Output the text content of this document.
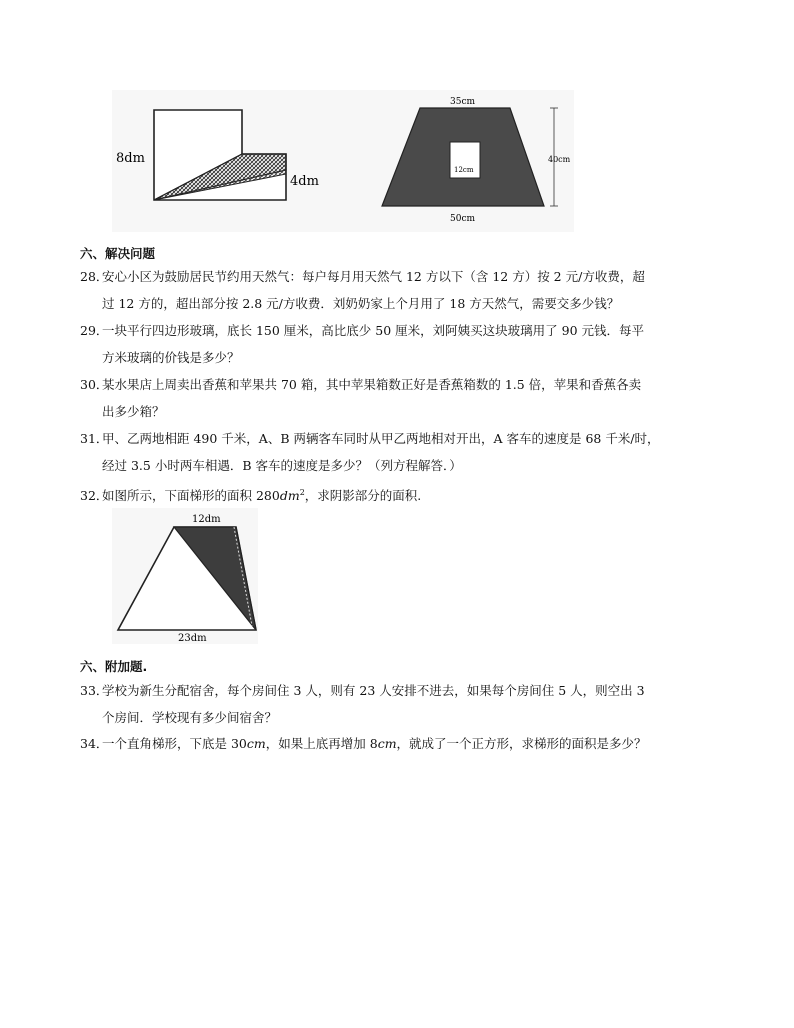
8dm
4dm
12cm
35cm
40cm
50cm
六、解决问题
28．安心小区为鼓励居民节约用天然气：每户每月用天然气 12 方以下（含 12 方）按 2 元/方收费，超
过 12 方的，超出部分按 2.8 元/方收费．刘奶奶家上个月用了 18 方天然气，需要交多少钱？
29．一块平行四边形玻璃，底长 150 厘米，高比底少 50 厘米，刘阿姨买这块玻璃用了 90 元钱．每平
方米玻璃的价钱是多少？
30．某水果店上周卖出香蕉和苹果共 70 箱，其中苹果箱数正好是香蕉箱数的 1.5 倍，苹果和香蕉各卖
出多少箱？
31．甲、乙两地相距 490 千米，A、B 两辆客车同时从甲乙两地相对开出，A 客车的速度是 68 千米/时，
经过 3.5 小时两车相遇．B 客车的速度是多少？（列方程解答．）
32．如图所示，下面梯形的面积 $280dm^2$，求阴影部分的面积.
12dm
23dm
六、附加题.
33．学校为新生分配宿舍，每个房间住 3 人，则有 23 人安排不进去，如果每个房间住 5 人，则空出 3
个房间．学校现有多少间宿舍？
34．一个直角梯形，下底是 30cm，如果上底再增加 8cm，就成了一个正方形，求梯形的面积是多少？
